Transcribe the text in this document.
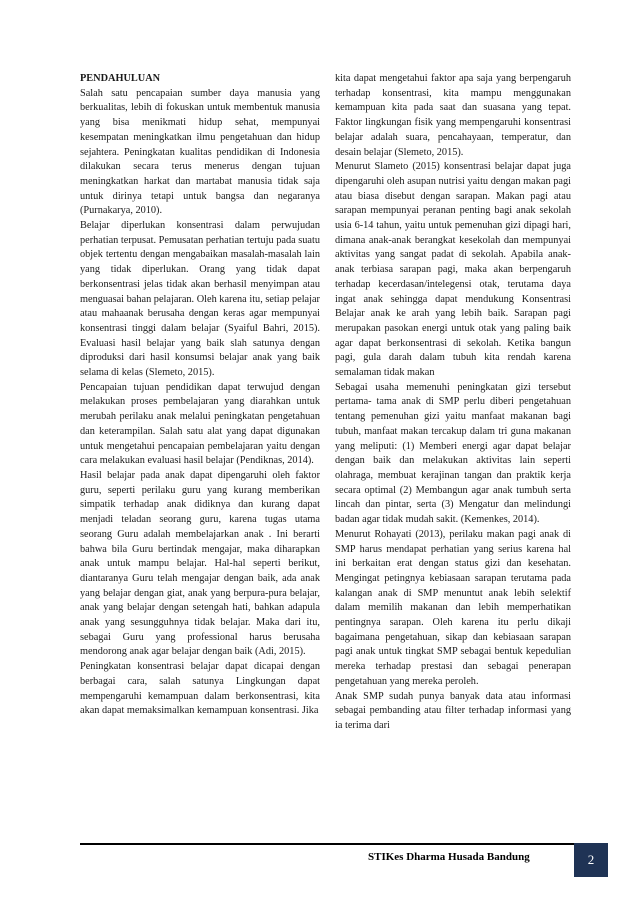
PENDAHULUAN

Salah satu pencapaian sumber daya manusia yang berkualitas, lebih di fokuskan untuk membentuk manusia yang bisa menikmati hidup sehat, mempunyai kesempatan meningkatkan ilmu pengetahuan dan hidup sejahtera. Peningkatan kualitas pendidikan di Indonesia dilakukan secara terus menerus dengan tujuan meningkatkan harkat dan martabat manusia tidak saja untuk dirinya tetapi untuk bangsa dan negaranya (Purnakarya, 2010).

Belajar diperlukan konsentrasi dalam perwujudan perhatian terpusat. Pemusatan perhatian tertuju pada suatu objek tertentu dengan mengabaikan masalah-masalah lain yang tidak diperlukan. Orang yang tidak dapat berkonsentrasi jelas tidak akan berhasil menyimpan atau menguasai bahan pelajaran. Oleh karena itu, setiap pelajar atau mahaanak berusaha dengan keras agar mempunyai konsentrasi tinggi dalam belajar (Syaiful Bahri, 2015). Evaluasi hasil belajar yang baik slah satunya dengan diproduksi dari hasil konsumsi belajar anak yang baik selama di kelas (Slemeto, 2015).

Pencapaian tujuan pendidikan dapat terwujud dengan melakukan proses pembelajaran yang diarahkan untuk merubah perilaku anak melalui peningkatan pengetahuan dan keterampilan. Salah satu alat yang dapat digunakan untuk mengetahui pencapaian pembelajaran yaitu dengan cara melakukan evaluasi hasil belajar (Pendiknas, 2014).

Hasil belajar pada anak dapat dipengaruhi oleh faktor guru, seperti perilaku guru yang kurang memberikan simpatik terhadap anak didiknya dan kurang dapat menjadi teladan seorang guru, karena tugas utama seorang Guru adalah membelajarkan anak . Ini berarti bahwa bila Guru bertindak mengajar, maka diharapkan anak untuk mampu belajar. Hal-hal seperti berikut, diantaranya Guru telah mengajar dengan baik, ada anak yang belajar dengan giat, anak yang berpura-pura belajar, anak yang belajar dengan setengah hati, bahkan adapula anak yang sesungguhnya tidak belajar. Maka dari itu, sebagai Guru yang professional harus berusaha mendorong anak agar belajar dengan baik (Adi, 2015).

Peningkatan konsentrasi belajar dapat dicapai dengan berbagai cara, salah satunya Lingkungan dapat mempengaruhi kemampuan dalam berkonsentrasi, kita akan dapat memaksimalkan kemampuan konsentrasi. Jika

kita dapat mengetahui faktor apa saja yang berpengaruh terhadap konsentrasi, kita mampu menggunakan kemampuan kita pada saat dan suasana yang tepat. Faktor lingkungan fisik yang mempengaruhi konsentrasi belajar adalah suara, pencahayaan, temperatur, dan desain belajar (Slemeto, 2015).

Menurut Slameto (2015) konsentrasi belajar dapat juga dipengaruhi oleh asupan nutrisi yaitu dengan makan pagi atau biasa disebut dengan sarapan. Makan pagi atau sarapan mempunyai peranan penting bagi anak sekolah usia 6-14 tahun, yaitu untuk pemenuhan gizi dipagi hari, dimana anak-anak berangkat kesekolah dan mempunyai aktivitas yang sangat padat di sekolah. Apabila anak-anak terbiasa sarapan pagi, maka akan berpengaruh terhadap kecerdasan/intelegensi otak, terutama daya ingat anak sehingga dapat mendukung Konsentrasi Belajar anak ke arah yang lebih baik. Sarapan pagi merupakan pasokan energi untuk otak yang paling baik agar dapat berkonsentrasi di sekolah. Ketika bangun pagi, gula darah dalam tubuh kita rendah karena semalaman tidak makan

Sebagai usaha memenuhi peningkatan gizi tersebut pertama- tama anak di SMP perlu diberi pengetahuan tentang pemenuhan gizi yaitu manfaat makanan bagi tubuh, manfaat makan tercakup dalam tri guna makanan yang meliputi: (1) Memberi energi agar dapat belajar dengan baik dan melakukan aktivitas lain seperti olahraga, membuat kerajinan tangan dan praktik kerja secara optimal (2) Membangun agar anak tumbuh serta lincah dan pintar, serta (3) Mengatur dan melindungi badan agar tidak mudah sakit. (Kemenkes, 2014).

Menurut Rohayati (2013), perilaku makan pagi anak di SMP harus mendapat perhatian yang serius karena hal ini berkaitan erat dengan status gizi dan kesehatan. Mengingat petingnya kebiasaan sarapan terutama pada kalangan anak di SMP menuntut anak lebih selektif dalam memilih makanan dan lebih memperhatikan pentingnya sarapan. Oleh karena itu perlu dikaji bagaimana pengetahuan, sikap dan kebiasaan sarapan pagi anak untuk tingkat SMP sebagai bentuk kepedulian mereka terhadap prestasi dan sebagai penerapan pengetahuan yang mereka peroleh.

Anak SMP sudah punya banyak data atau informasi sebagai pembanding atau filter terhadap informasi yang ia terima dari

STIKes Dharma Husada Bandung	2
